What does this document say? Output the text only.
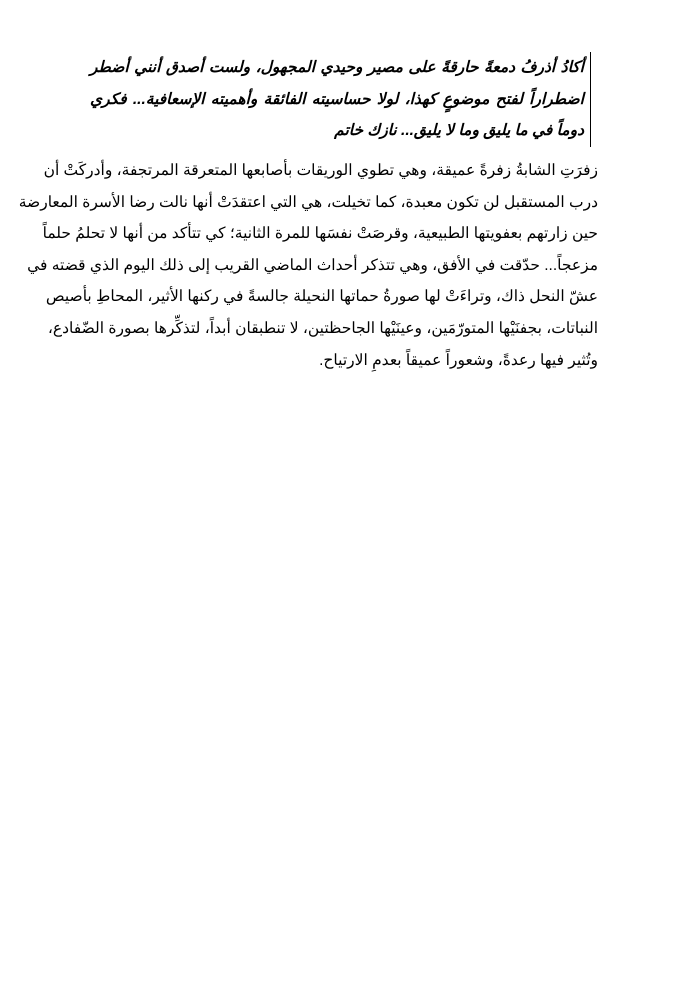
أكادُ أذرفُ دمعةً حارقةً على مصير وحيدي المجهول، ولست أصدق أنني أضطر
اضطراراً لفتح موضوعٍ كهذا، لولا حساسيته الفائقة وأهميته الإسعافية... فكري
دوماً في ما يليق وما لا يليق... نازك خاتم
زفرَتِ الشابةُ زفرةً عميقة، وهي تطوي الوريقات بأصابعها المتعرقة المرتجفة، وأدركَتْ أن
درب المستقبل لن تكون معبدة، كما تخيلت، هي التي اعتقدَتْ أنها نالت رضا الأسرة المعارضة
حين زارتهم بعفويتها الطبيعية، وقرصَتْ نفسَها للمرة الثانية؛ كي تتأكد من أنها لا تحلمُ حلماً
مزعجاً... حدّقت في الأفق، وهي تتذكر أحداث الماضي القريب إلى ذلك اليوم الذي قضته في
عشّ النحل ذاك، وتراءَتْ لها صورةُ حماتها النحيلة جالسةً في ركنها الأثير، المحاطِ بأصيص
النباتات، بجفنَيْها المتورّمَين، وعينَيْها الجاحظتين، لا تنطبقان أبداً، لتذكِّرها بصورة الضّفادع،
وتُثير فيها رعدةً، وشعوراً عميقاً بعدمِ الارتياح.
